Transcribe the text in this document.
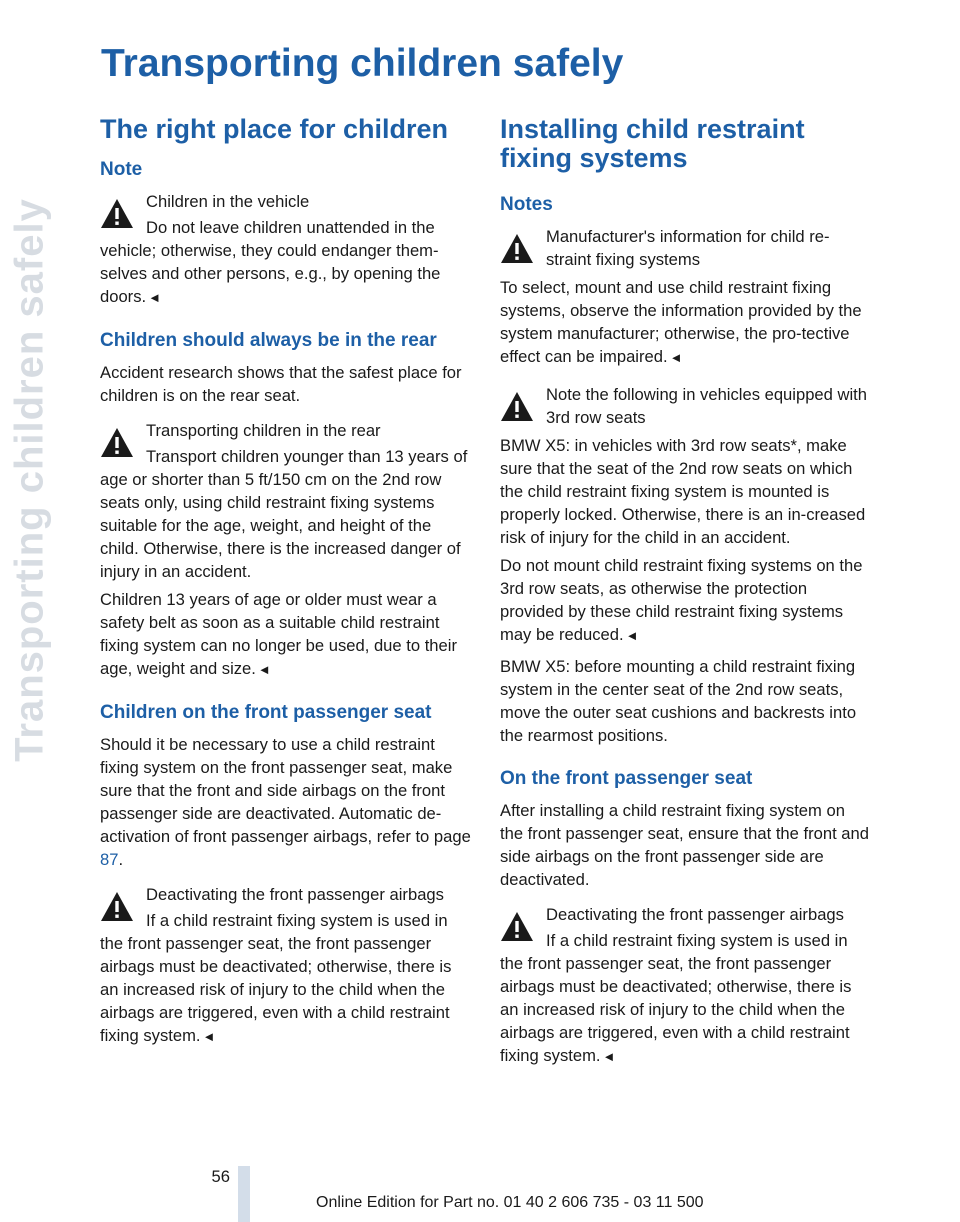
Transporting children safely
Transporting children safely
The right place for children
Note

Children in the vehicle

Do not leave children unattended in the vehicle; otherwise, they could endanger them-selves and other persons, e.g., by opening the doors. ◄

Children should always be in the rear

Accident research shows that the safest place for children is on the rear seat.

Transporting children in the rear

Transport children younger than 13 years of age or shorter than 5 ft/150 cm on the 2nd row seats only, using child restraint fixing systems suitable for the age, weight, and height of the child. Otherwise, there is the increased danger of injury in an accident.

Children 13 years of age or older must wear a safety belt as soon as a suitable child restraint fixing system can no longer be used, due to their age, weight and size. ◄

Children on the front passenger seat

Should it be necessary to use a child restraint fixing system on the front passenger seat, make sure that the front and side airbags on the front passenger side are deactivated. Automatic de-activation of front passenger airbags, refer to page 87.

Deactivating the front passenger airbags

If a child restraint fixing system is used in the front passenger seat, the front passenger airbags must be deactivated; otherwise, there is an increased risk of injury to the child when the airbags are triggered, even with a child restraint fixing system. ◄

Installing child restraint fixing systems
Notes

Manufacturer's information for child re-straint fixing systems

To select, mount and use child restraint fixing systems, observe the information provided by the system manufacturer; otherwise, the pro-tective effect can be impaired. ◄

Note the following in vehicles equipped with 3rd row seats

BMW X5: in vehicles with 3rd row seats*, make sure that the seat of the 2nd row seats on which the child restraint fixing system is mounted is properly locked. Otherwise, there is an in-creased risk of injury for the child in an accident.

Do not mount child restraint fixing systems on the 3rd row seats, as otherwise the protection provided by these child restraint fixing systems may be reduced. ◄

BMW X5: before mounting a child restraint fixing system in the center seat of the 2nd row seats, move the outer seat cushions and backrests into the rearmost positions.

On the front passenger seat

After installing a child restraint fixing system on the front passenger seat, ensure that the front and side airbags on the front passenger side are deactivated.

Deactivating the front passenger airbags

If a child restraint fixing system is used in the front passenger seat, the front passenger airbags must be deactivated; otherwise, there is an increased risk of injury to the child when the airbags are triggered, even with a child restraint fixing system. ◄

56
Online Edition for Part no. 01 40 2 606 735 - 03 11 500
